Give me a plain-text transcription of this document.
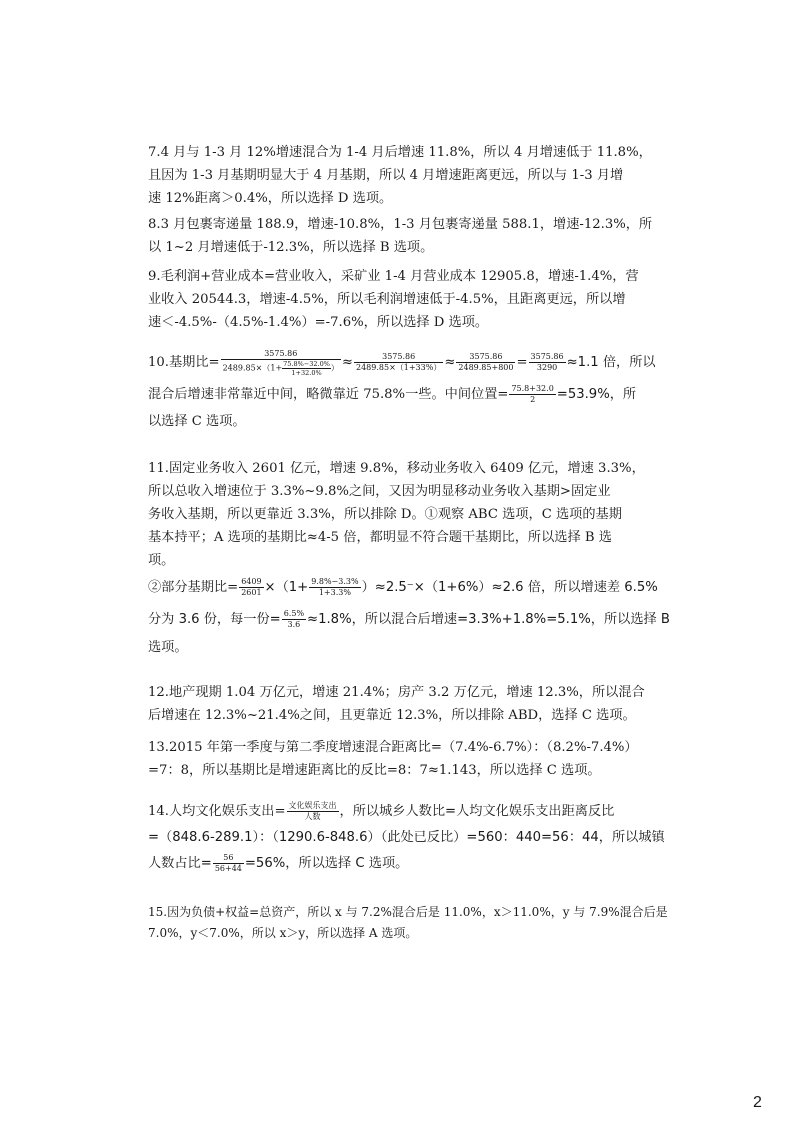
7.4 月与 1-3 月 12%增速混合为 1-4 月后增速 11.8%，所以 4 月增速低于 11.8%，
且因为 1-3 月基期明显大于 4 月基期，所以 4 月增速距离更远，所以与 1-3 月增
速 12%距离＞0.4%，所以选择 D 选项。
8.3 月包裹寄递量 188.9，增速-10.8%，1-3 月包裹寄递量 588.1，增速-12.3%，所
以 1~2 月增速低于-12.3%，所以选择 B 选项。
9.毛利润+营业成本=营业收入，采矿业 1-4 月营业成本 12905.8，增速-1.4%，营
业收入 20544.3，增速-4.5%，所以毛利润增速低于-4.5%，且距离更远，所以增
速＜-4.5%-（4.5%-1.4%）=-7.6%，所以选择 D 选项。
10.基期比= $\frac{3575.86}{2489.85\times(1+ \frac{75.8\%-32.0\%}{1+32.0\%} )} \approx \frac{3575.86}{2489.85\times(1+33\%)} \approx \frac{3575.86}{2489.85+800} = \frac{3575.86}{3290} \approx 1.1$ 倍，所以
混合后增速非常靠近中间，略微靠近 75.8%一些。中间位置= $\frac{75.8+32.0}{2} =53.9\%$，所
以选择 C 选项。
11.固定业务收入 2601 亿元，增速 9.8%，移动业务收入 6409 亿元，增速 3.3%，
所以总收入增速位于 3.3%~9.8%之间，又因为明显移动业务收入基期>固定业
务收入基期，所以更靠近 3.3%，所以排除 D。①观察 ABC 选项，C 选项的基期
基本持平；A 选项的基期比≈4-5 倍，都明显不符合题干基期比，所以选择 B 选
项。
②部分基期比= $\frac{6409}{2601} \times(1+ \frac{9.8\%-3.3\%}{1+3.3\%} )\approx 2.5^-\times(1+6\%)\approx 2.6$ 倍，所以增速差 6.5%
分为 3.6 份，每一份= $\frac{6.5\%}{3.6} \approx 1.8\%$，所以混合后增速=3.3%+1.8%=5.1%，所以选择 B
选项。
12.地产现期 1.04 万亿元，增速 21.4%；房产 3.2 万亿元，增速 12.3%，所以混合
后增速在 12.3%~21.4%之间，且更靠近 12.3%，所以排除 ABD，选择 C 选项。
13.2015 年第一季度与第二季度增速混合距离比=（7.4%-6.7%）：（8.2%-7.4%）
=7：8，所以基期比是增速距离比的反比=8：7≈1.143，所以选择 C 选项。
14.人均文化娱乐支出= $\frac{\text{文化娱乐支出}}{\text{人数}}$ ，所以城乡人数比=人均文化娱乐支出距离反比
=（848.6-289.1）：（1290.6-848.6）（此处已反比）=560：440=56：44，所以城镇
人数占比= $\frac{56}{56+44} =56\%$，所以选择 C 选项。
15.因为负债+权益=总资产，所以 x 与 7.2%混合后是 11.0%，x＞11.0%，y 与 7.9%混合后是
7.0%，y＜7.0%，所以 x＞y，所以选择 A 选项。
2
